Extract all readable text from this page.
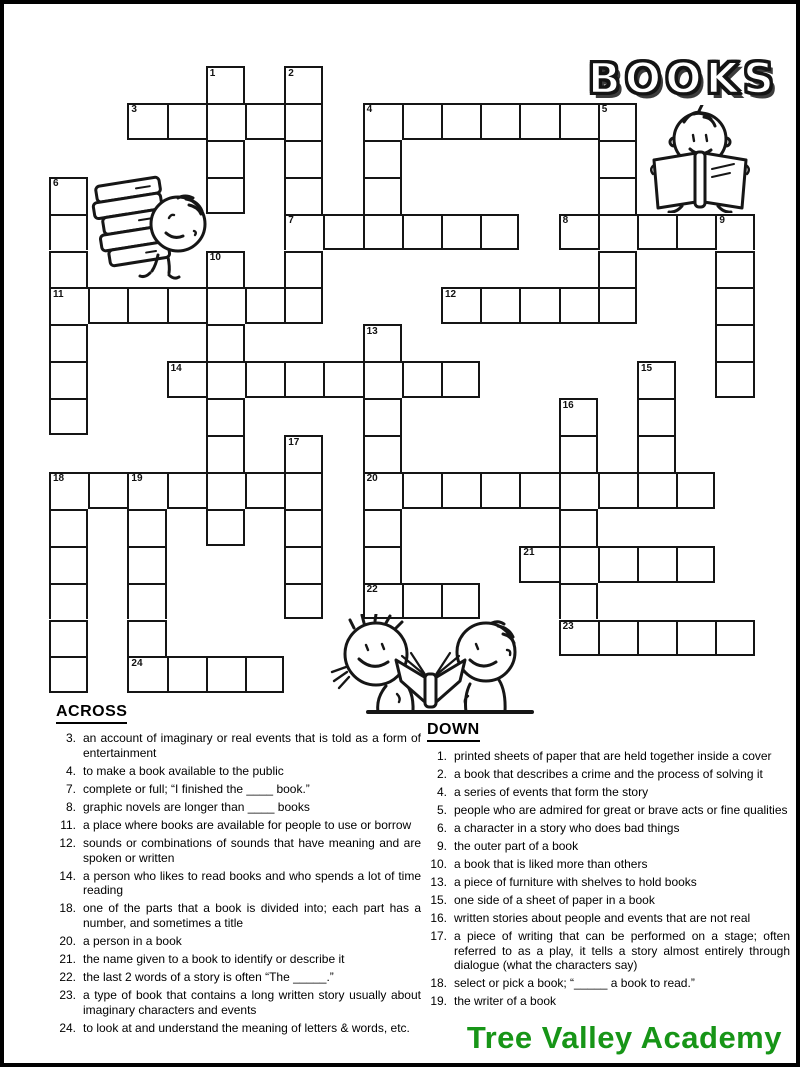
1	2
3	4	5
6
7	8	9
10
11	12
13
14	15
16
17
18	19	20
21
22
23
24
BOOKS
ACROSS
3. an account of imaginary or real events that is told as a form of entertainment
4. to make a book available to the public
7. complete or full; “I finished the ____ book.”
8. graphic novels are longer than ____ books
11. a place where books are available for people to use or borrow
12. sounds or combinations of sounds that have meaning and are spoken or written
14. a person who likes to read books and who spends a lot of time reading
18. one of the parts that a book is divided into; each part has a number, and sometimes a title
20. a person in a book
21. the name given to a book to identify or describe it
22. the last 2 words of a story is often “The _____.”
23. a type of book that contains a long written story usually about imaginary characters and events
24. to look at and understand the meaning of letters & words, etc.
DOWN
1. printed sheets of paper that are held together inside a cover
2. a book that describes a crime and the process of solving it
4. a series of events that form the story
5. people who are admired for great or brave acts or fine qualities
6. a character in a story who does bad things
9. the outer part of a book
10. a book that is liked more than others
13. a piece of furniture with shelves to hold books
15. one side of a sheet of paper in a book
16. written stories about people and events that are not real
17. a piece of writing that can be performed on a stage; often referred to as a play, it tells a story almost entirely through dialogue (what the characters say)
18. select or pick a book; “_____ a book to read.”
19. the writer of a book
Tree Valley Academy
